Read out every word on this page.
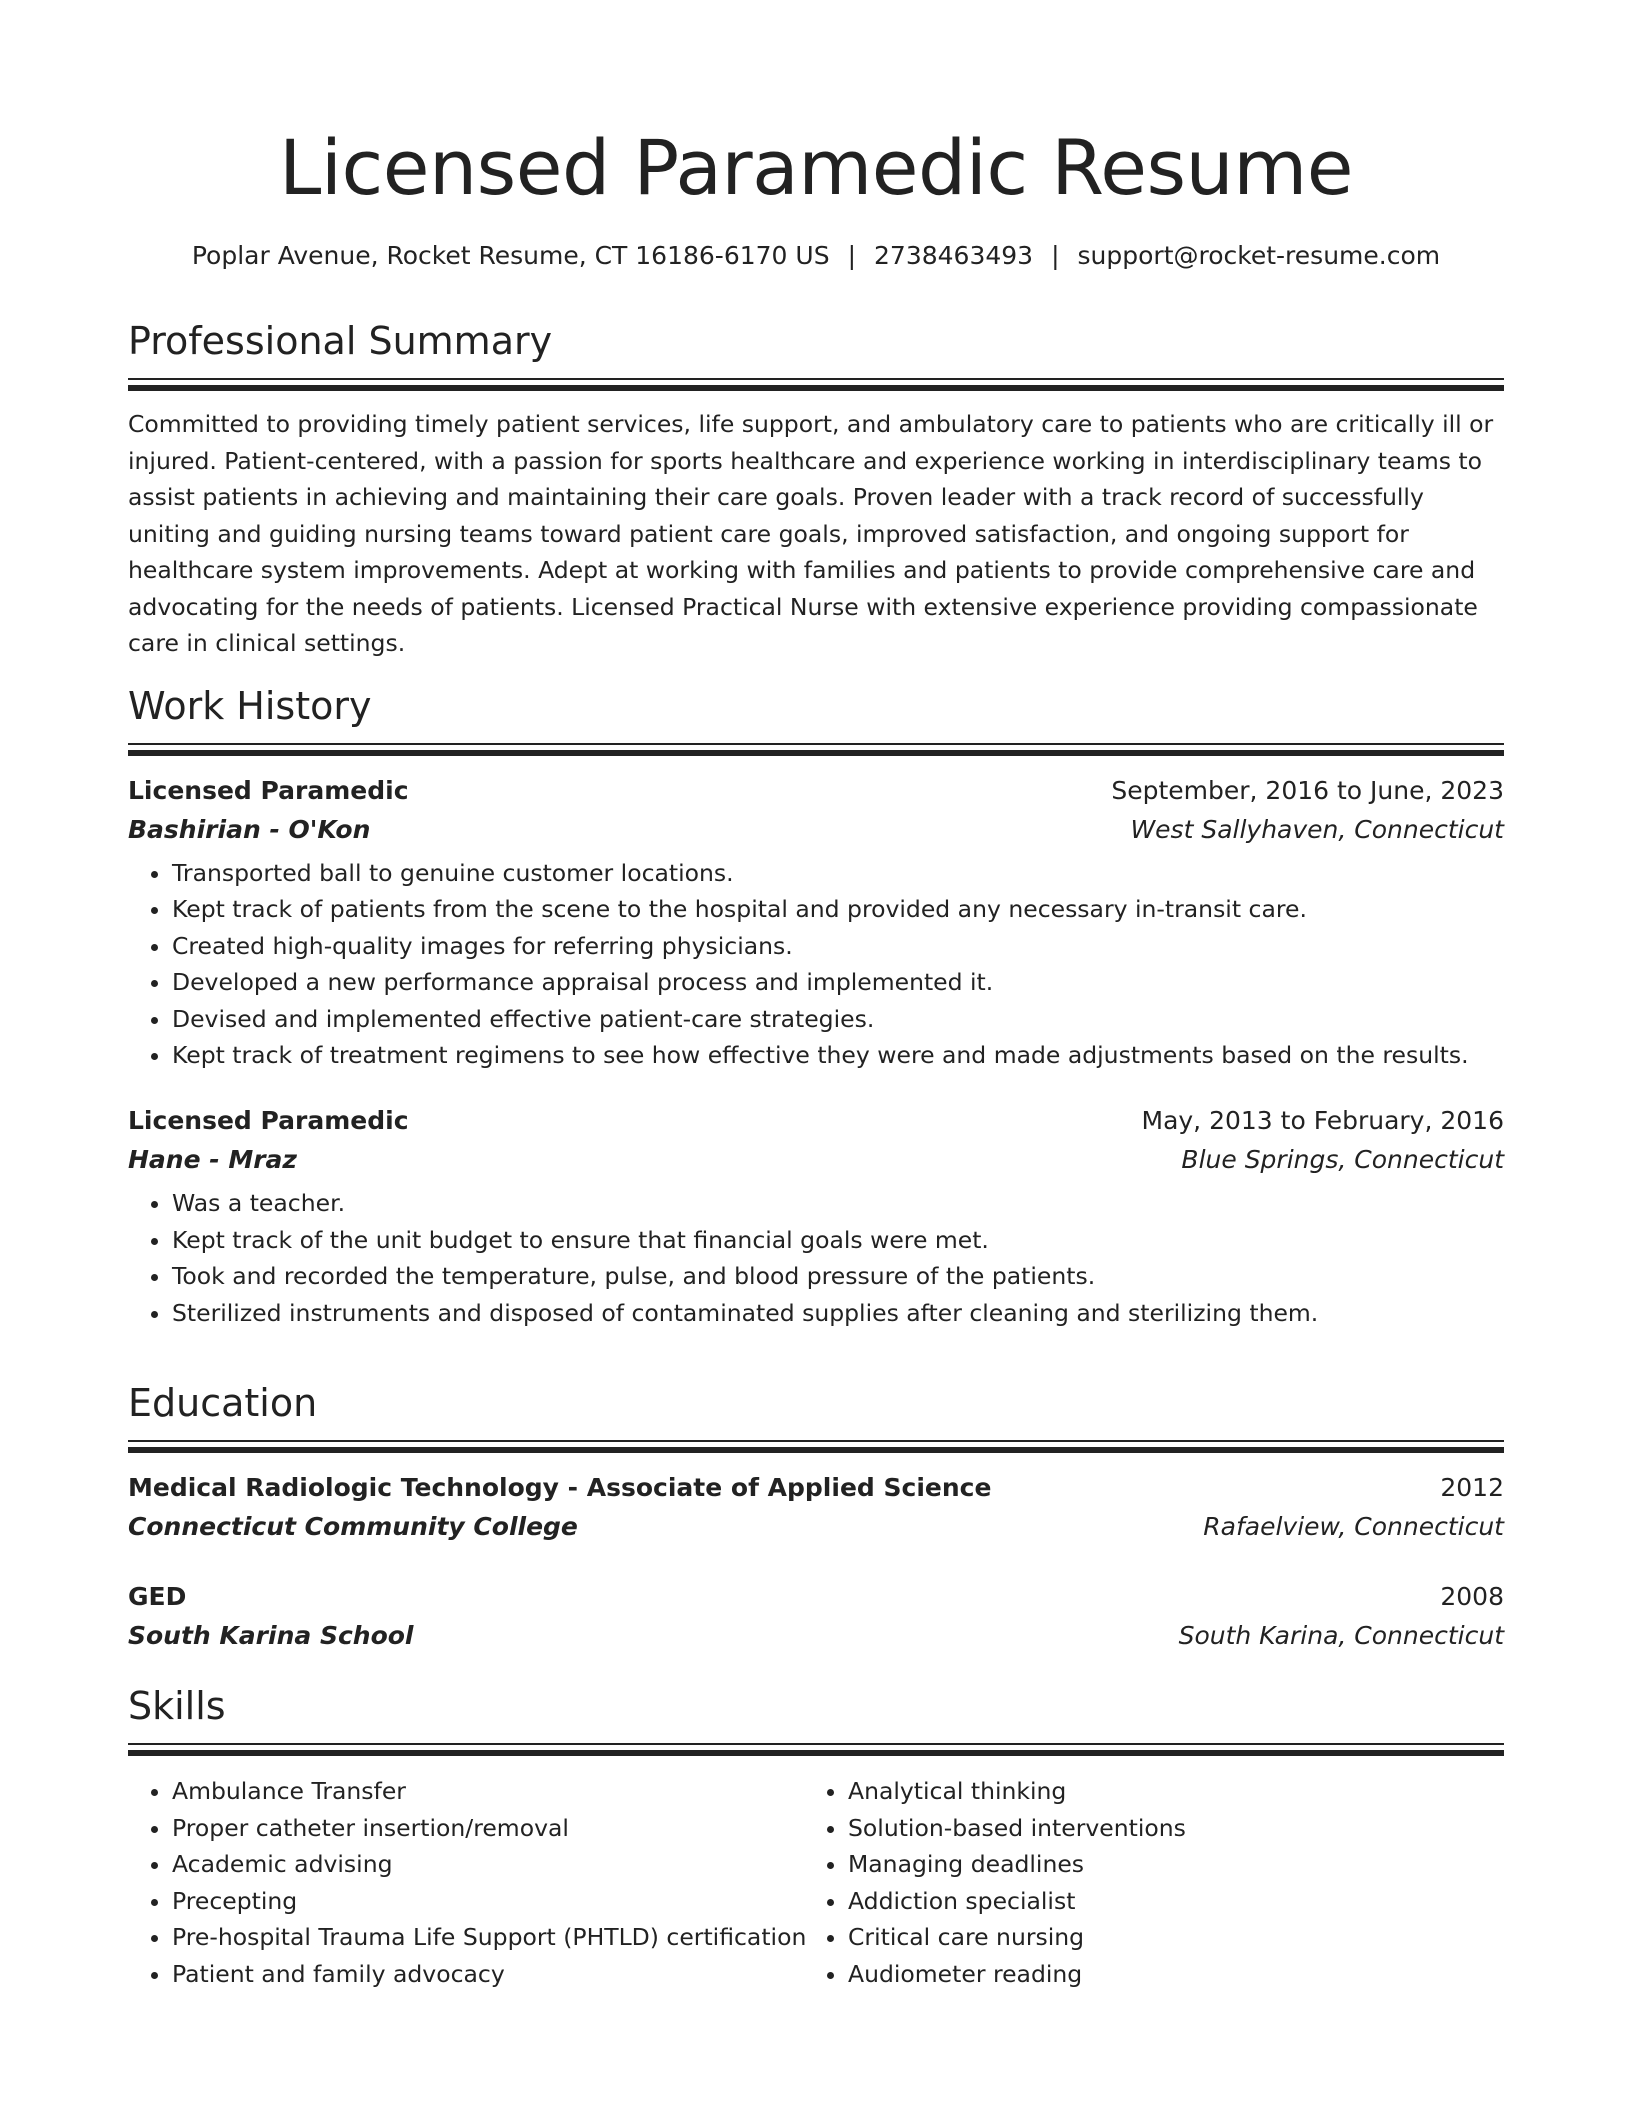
Licensed Paramedic Resume
Poplar Avenue, Rocket Resume, CT 16186-6170 US | 2738463493 | support@rocket-resume.com
Professional Summary

Committed to providing timely patient services, life support, and ambulatory care to patients who are critically ill or injured. Patient-centered, with a passion for sports healthcare and experience working in interdisciplinary teams to assist patients in achieving and maintaining their care goals. Proven leader with a track record of successfully uniting and guiding nursing teams toward patient care goals, improved satisfaction, and ongoing support for healthcare system improvements. Adept at working with families and patients to provide comprehensive care and advocating for the needs of patients. Licensed Practical Nurse with extensive experience providing compassionate care in clinical settings.

Work History
Licensed Paramedic	September, 2016 to June, 2023
Bashirian - O'Kon	West Sallyhaven, Connecticut
• Transported ball to genuine customer locations.
• Kept track of patients from the scene to the hospital and provided any necessary in-transit care.
• Created high-quality images for referring physicians.
• Developed a new performance appraisal process and implemented it.
• Devised and implemented effective patient-care strategies.
• Kept track of treatment regimens to see how effective they were and made adjustments based on the results.
Licensed Paramedic	May, 2013 to February, 2016
Hane - Mraz	Blue Springs, Connecticut
• Was a teacher.
• Kept track of the unit budget to ensure that financial goals were met.
• Took and recorded the temperature, pulse, and blood pressure of the patients.
• Sterilized instruments and disposed of contaminated supplies after cleaning and sterilizing them.
Education
Medical Radiologic Technology - Associate of Applied Science	2012
Connecticut Community College	Rafaelview, Connecticut
GED	2008
South Karina School	South Karina, Connecticut
Skills
• Ambulance Transfer
• Proper catheter insertion/removal
• Academic advising
• Precepting
• Pre-hospital Trauma Life Support (PHTLD) certification
• Patient and family advocacy
• Analytical thinking
• Solution-based interventions
• Managing deadlines
• Addiction specialist
• Critical care nursing
• Audiometer reading
